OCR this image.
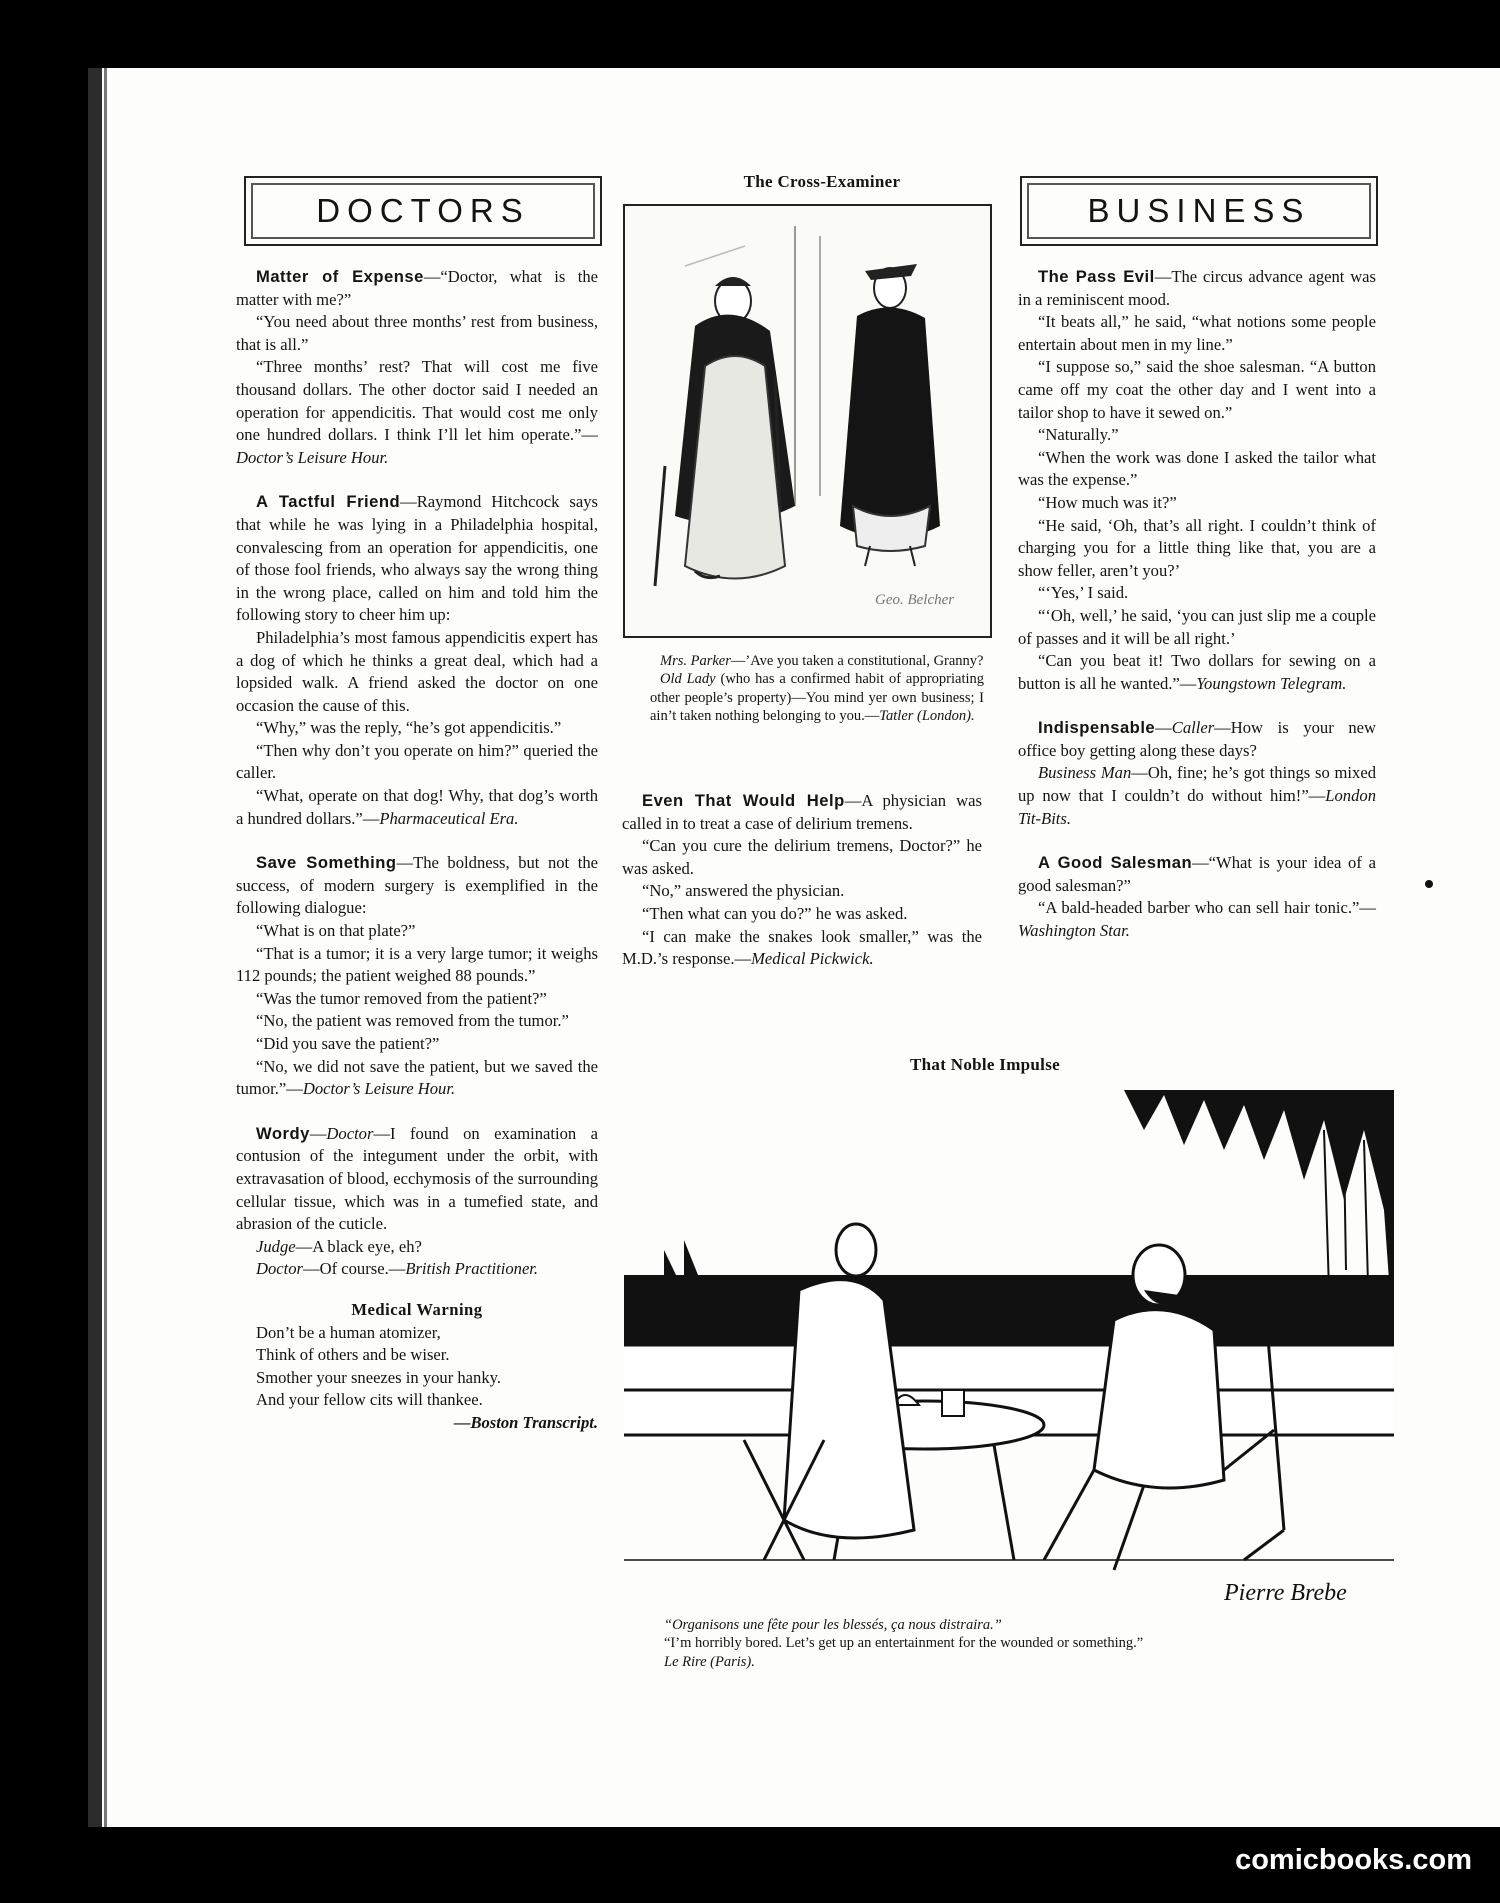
DOCTORS

Matter of Expense—“Doctor, what is the matter with me?”

“You need about three months’ rest from business, that is all.”

“Three months’ rest? That will cost me five thousand dollars. The other doctor said I needed an operation for appendicitis. That would cost me only one hundred dollars. I think I’ll let him operate.”—Doctor’s Leisure Hour.

A Tactful Friend—Raymond Hitchcock says that while he was lying in a Philadelphia hospital, convalescing from an operation for appendicitis, one of those fool friends, who always say the wrong thing in the wrong place, called on him and told him the following story to cheer him up:

Philadelphia’s most famous appendicitis expert has a dog of which he thinks a great deal, which had a lopsided walk. A friend asked the doctor on one occasion the cause of this.

“Why,” was the reply, “he’s got appendicitis.”

“Then why don’t you operate on him?” queried the caller.

“What, operate on that dog! Why, that dog’s worth a hundred dollars.”—Pharmaceutical Era.

Save Something—The boldness, but not the success, of modern surgery is exemplified in the following dialogue:

“What is on that plate?”

“That is a tumor; it is a very large tumor; it weighs 112 pounds; the patient weighed 88 pounds.”

“Was the tumor removed from the patient?”

“No, the patient was removed from the tumor.”

“Did you save the patient?”

“No, we did not save the patient, but we saved the tumor.”—Doctor’s Leisure Hour.

Wordy—Doctor—I found on examination a contusion of the integument under the orbit, with extravasation of blood, ecchymosis of the surrounding cellular tissue, which was in a tumefied state, and abrasion of the cuticle.

Judge—A black eye, eh?

Doctor—Of course.—British Practitioner.

Medical Warning

Don’t be a human atomizer,

Think of others and be wiser.

Smother your sneezes in your hanky.

And your fellow cits will thankee.

—Boston Transcript.

The Cross-Examiner
Geo. Belcher

Mrs. Parker—’Ave you taken a constitutional, Granny?

Old Lady (who has a confirmed habit of appropriating other people’s property)—You mind yer own business; I ain’t taken nothing belonging to you.—Tatler (London).

Even That Would Help—A physician was called in to treat a case of delirium tremens.

“Can you cure the delirium tremens, Doctor?” he was asked.

“No,” answered the physician.

“Then what can you do?” he was asked.

“I can make the snakes look smaller,” was the M.D.’s response.—Medical Pickwick.

BUSINESS

The Pass Evil—The circus advance agent was in a reminiscent mood.

“It beats all,” he said, “what notions some people entertain about men in my line.”

“I suppose so,” said the shoe salesman. “A button came off my coat the other day and I went into a tailor shop to have it sewed on.”

“Naturally.”

“When the work was done I asked the tailor what was the expense.”

“How much was it?”

“He said, ‘Oh, that’s all right. I couldn’t think of charging you for a little thing like that, you are a show feller, aren’t you?’

“‘Yes,’ I said.

“‘Oh, well,’ he said, ‘you can just slip me a couple of passes and it will be all right.’

“Can you beat it! Two dollars for sewing on a button is all he wanted.”—Youngstown Telegram.

Indispensable—Caller—How is your new office boy getting along these days?

Business Man—Oh, fine; he’s got things so mixed up now that I couldn’t do without him!”—London Tit-Bits.

A Good Salesman—“What is your idea of a good salesman?”

“A bald-headed barber who can sell hair tonic.”—Washington Star.

That Noble Impulse
Pierre Brebe

“Organisons une fête pour les blessés, ça nous distraira.”

“I’m horribly bored. Let’s get up an entertainment for the wounded or something.”

Le Rire (Paris).

comicbooks.com
